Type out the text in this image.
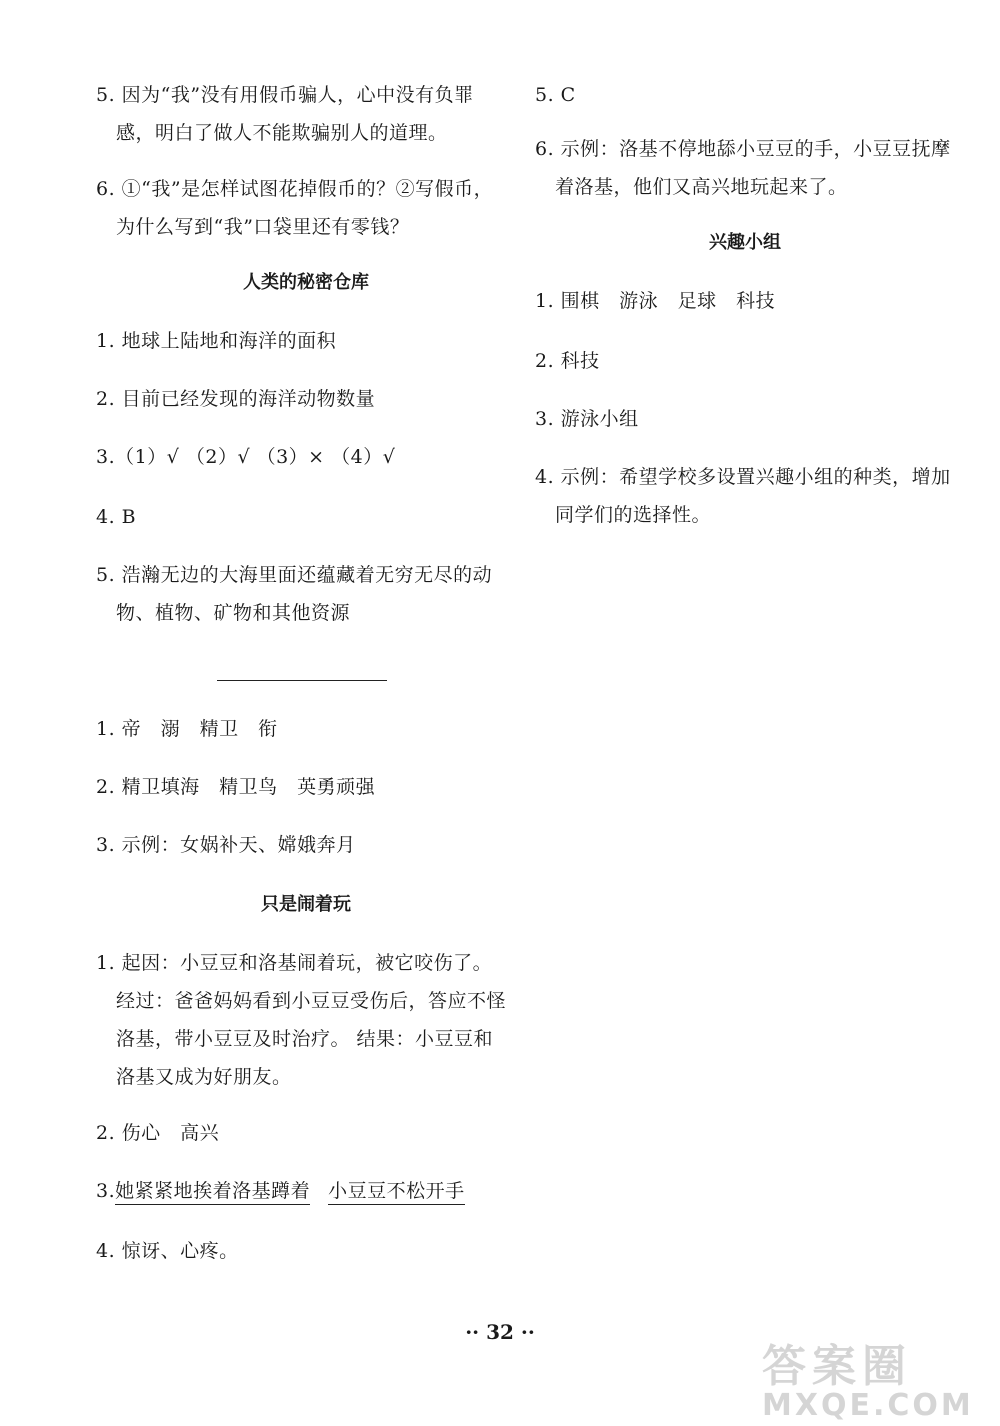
5. 因为“我”没有用假币骗人，心中没有负罪
感，明白了做人不能欺骗别人的道理。
6. ①“我”是怎样试图花掉假币的？②写假币，
为什么写到“我”口袋里还有零钱？
人类的秘密仓库
1. 地球上陆地和海洋的面积
2. 目前已经发现的海洋动物数量
3.（1）√ （2）√ （3）× （4）√
4. B
5. 浩瀚无边的大海里面还蕴藏着无穷无尽的动
物、植物、矿物和其他资源
1. 帝　溺　精卫　衔
2. 精卫填海　精卫鸟　英勇顽强
3. 示例：女娲补天、嫦娥奔月
只是闹着玩
1. 起因：小豆豆和洛基闹着玩，被它咬伤了。
经过：爸爸妈妈看到小豆豆受伤后，答应不怪
洛基，带小豆豆及时治疗。 结果：小豆豆和
洛基又成为好朋友。
2. 伤心　高兴
3.她紧紧地挨着洛基蹲着 小豆豆不松开手
4. 惊讶、心疼。
5. C
6. 示例：洛基不停地舔小豆豆的手，小豆豆抚摩
着洛基，他们又高兴地玩起来了。
兴趣小组
1. 围棋　游泳　足球　科技
2. 科技
3. 游泳小组
4. 示例：希望学校多设置兴趣小组的种类，增加
同学们的选择性。
·· 32 ··
答案圈
MXQE.COM
